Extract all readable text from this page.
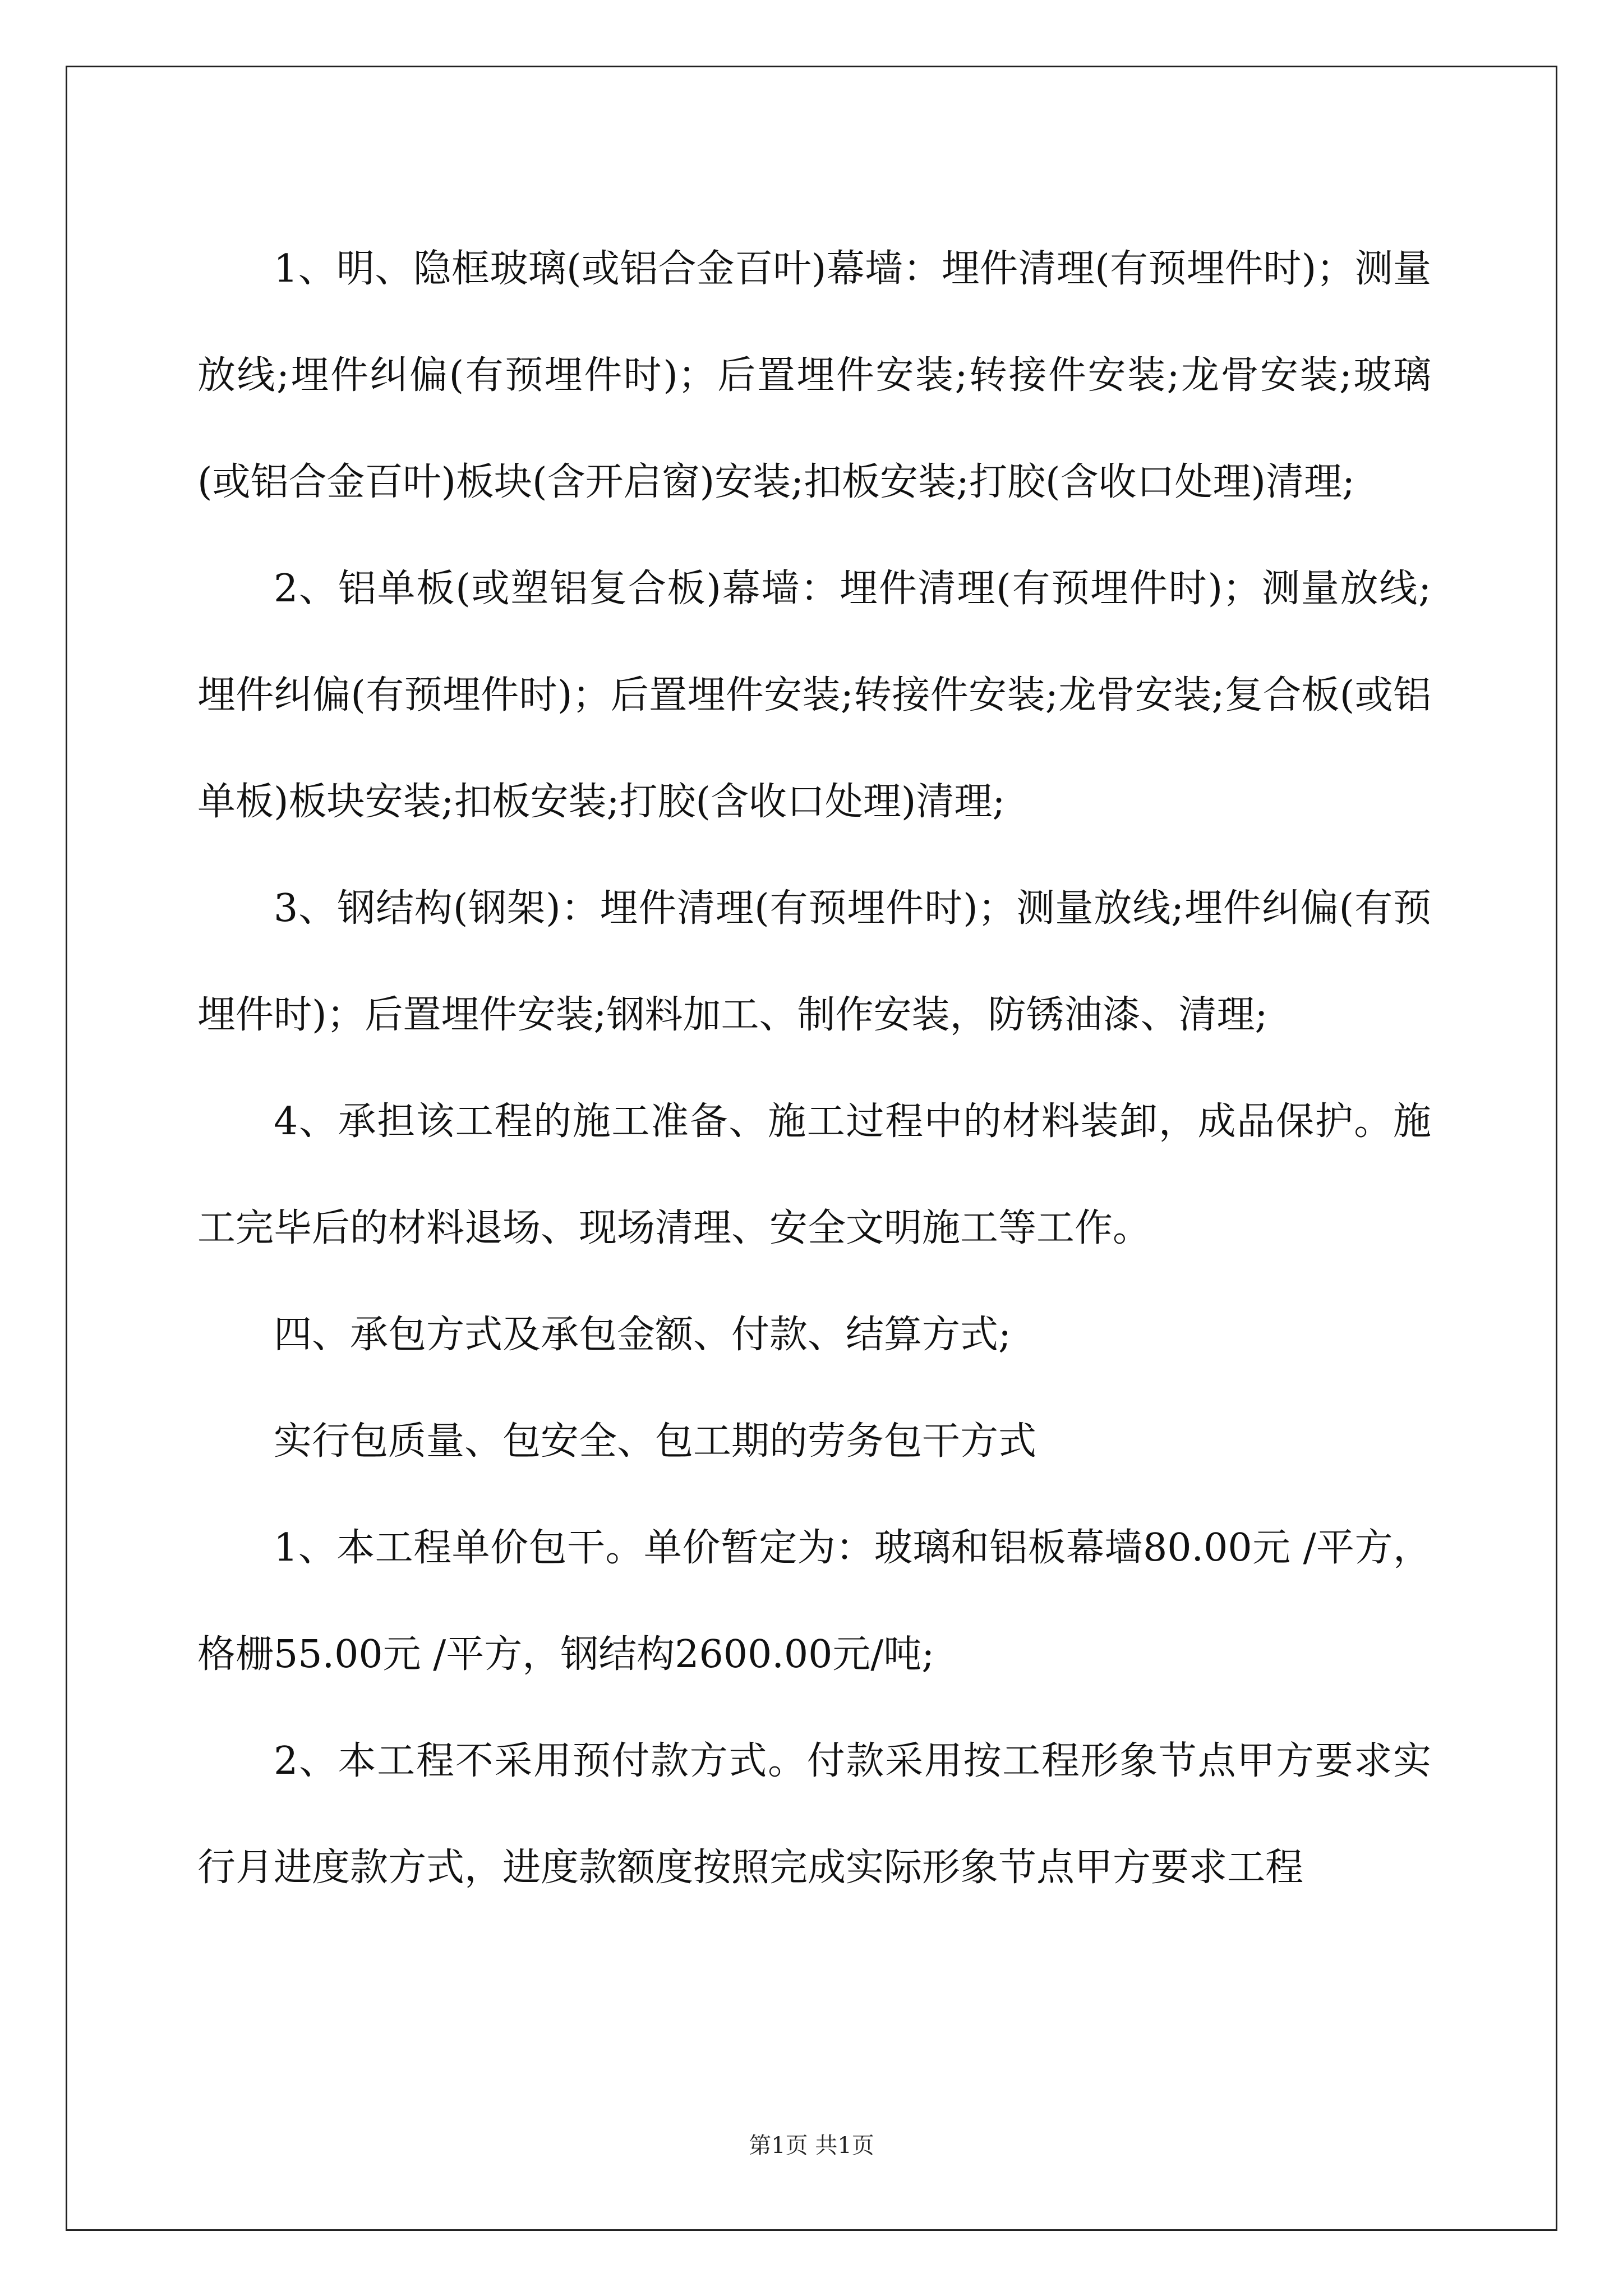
1、明、隐框玻璃(或铝合金百叶)幕墙：埋件清理(有预埋件时)；测量放线;埋件纠偏(有预埋件时)；后置埋件安装;转接件安装;龙骨安装;玻璃(或铝合金百叶)板块(含开启窗)安装;扣板安装;打胶(含收口处理)清理;

2、铝单板(或塑铝复合板)幕墙：埋件清理(有预埋件时)；测量放线;埋件纠偏(有预埋件时)；后置埋件安装;转接件安装;龙骨安装;复合板(或铝单板)板块安装;扣板安装;打胶(含收口处理)清理;

3、钢结构(钢架)：埋件清理(有预埋件时)；测量放线;埋件纠偏(有预埋件时)；后置埋件安装;钢料加工、制作安装，防锈油漆、清理;

4、承担该工程的施工准备、施工过程中的材料装卸，成品保护。施工完毕后的材料退场、现场清理、安全文明施工等工作。

四、承包方式及承包金额、付款、结算方式;

实行包质量、包安全、包工期的劳务包干方式

1、本工程单价包干。单价暂定为：玻璃和铝板幕墙80.00元 /平方，格栅55.00元 /平方，钢结构2600.00元/吨;

2、本工程不采用预付款方式。付款采用按工程形象节点甲方要求实行月进度款方式，进度款额度按照完成实际形象节点甲方要求工程

第1页 共1页
